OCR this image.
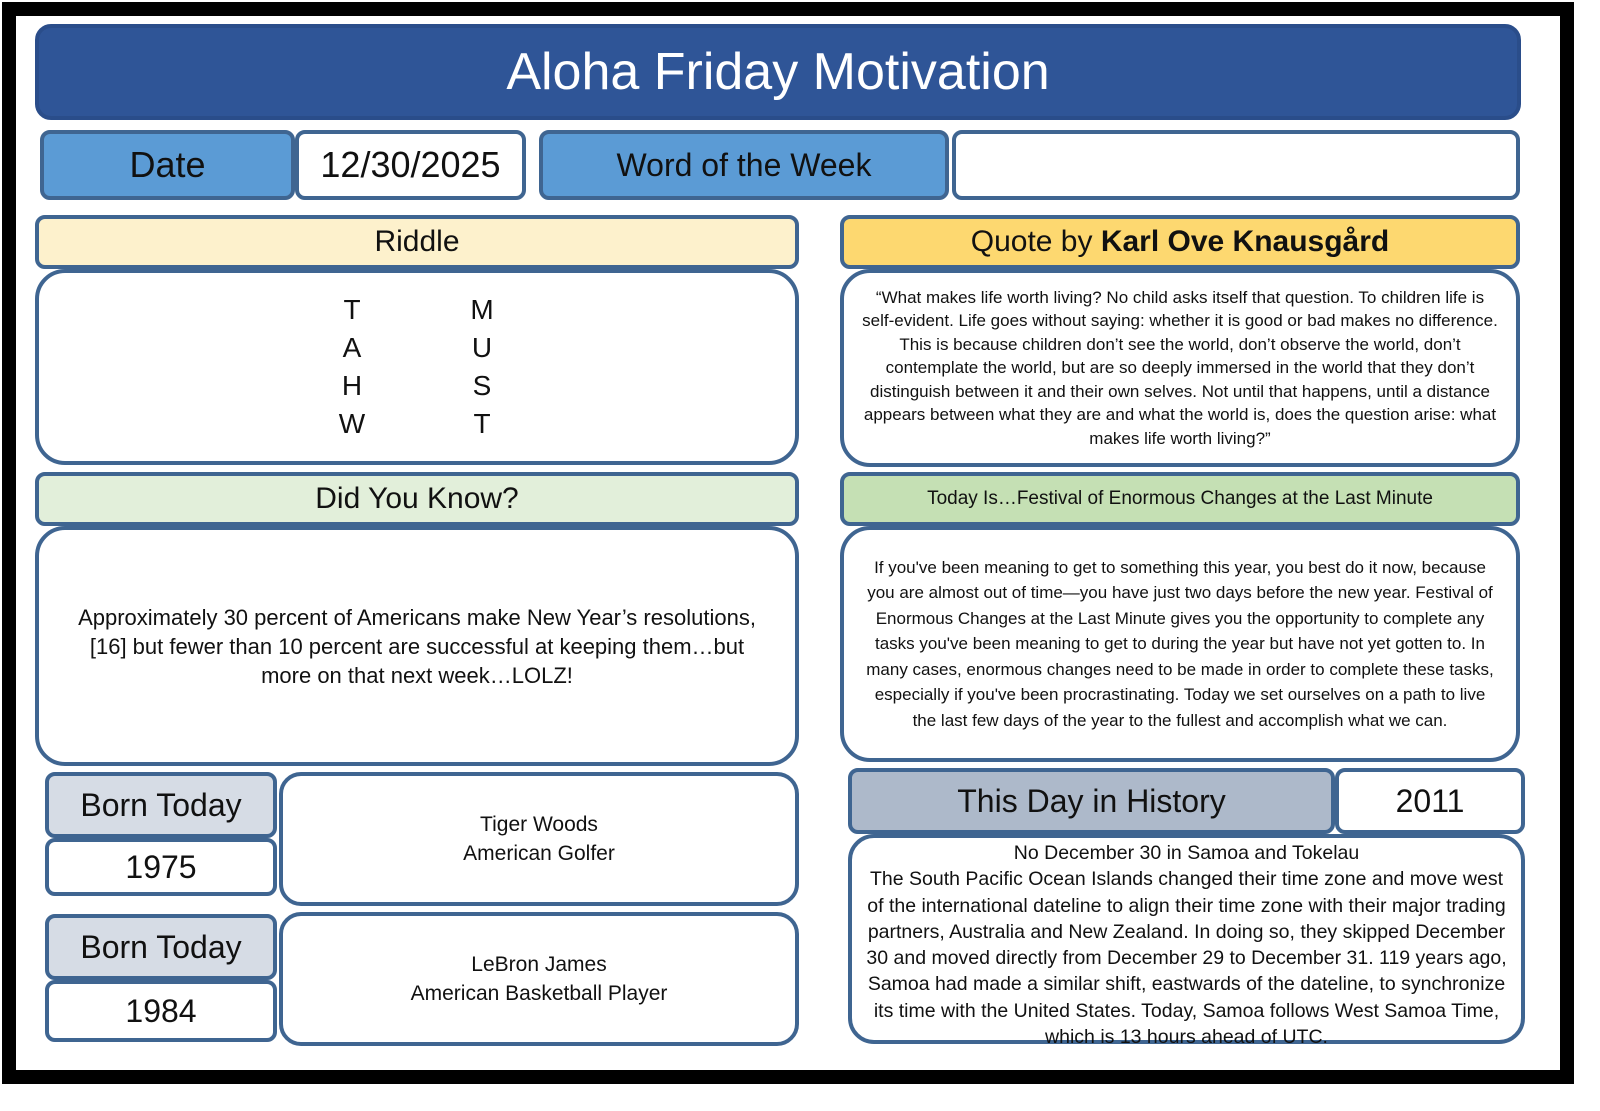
Aloha Friday Motivation
Date	12/30/2025	Word of the Week
Riddle
T	M
A	U
H	S
W	T
Quote by Karl Ove Knausgård
“What makes life worth living? No child asks itself that question. To children life is self-evident. Life goes without saying: whether it is good or bad makes no difference. This is because children don’t see the world, don’t observe the world, don’t contemplate the world, but are so deeply immersed in the world that they don’t distinguish between it and their own selves. Not until that happens, until a distance appears between what they are and what the world is, does the question arise: what makes life worth living?”
Did You Know?
Approximately 30 percent of Americans make New Year’s resolutions,[16] but fewer than 10 percent are successful at keeping them…but more on that next week…LOLZ!
Today Is…Festival of Enormous Changes at the Last Minute
If you've been meaning to get to something this year, you best do it now, because you are almost out of time—you have just two days before the new year. Festival of Enormous Changes at the Last Minute gives you the opportunity to complete any tasks you've been meaning to get to during the year but have not yet gotten to. In many cases, enormous changes need to be made in order to complete these tasks, especially if you've been procrastinating. Today we set ourselves on a path to live the last few days of the year to the fullest and accomplish what we can.
Born Today
1975
Tiger Woods
American Golfer
Born Today
1984
LeBron James
American Basketball Player
This Day in History	2011
No December 30 in Samoa and Tokelau
The South Pacific Ocean Islands changed their time zone and move west of the international dateline to align their time zone with their major trading partners, Australia and New Zealand. In doing so, they skipped December 30 and moved directly from December 29 to December 31. 119 years ago, Samoa had made a similar shift, eastwards of the dateline, to synchronize its time with the United States. Today, Samoa follows West Samoa Time, which is 13 hours ahead of UTC.
